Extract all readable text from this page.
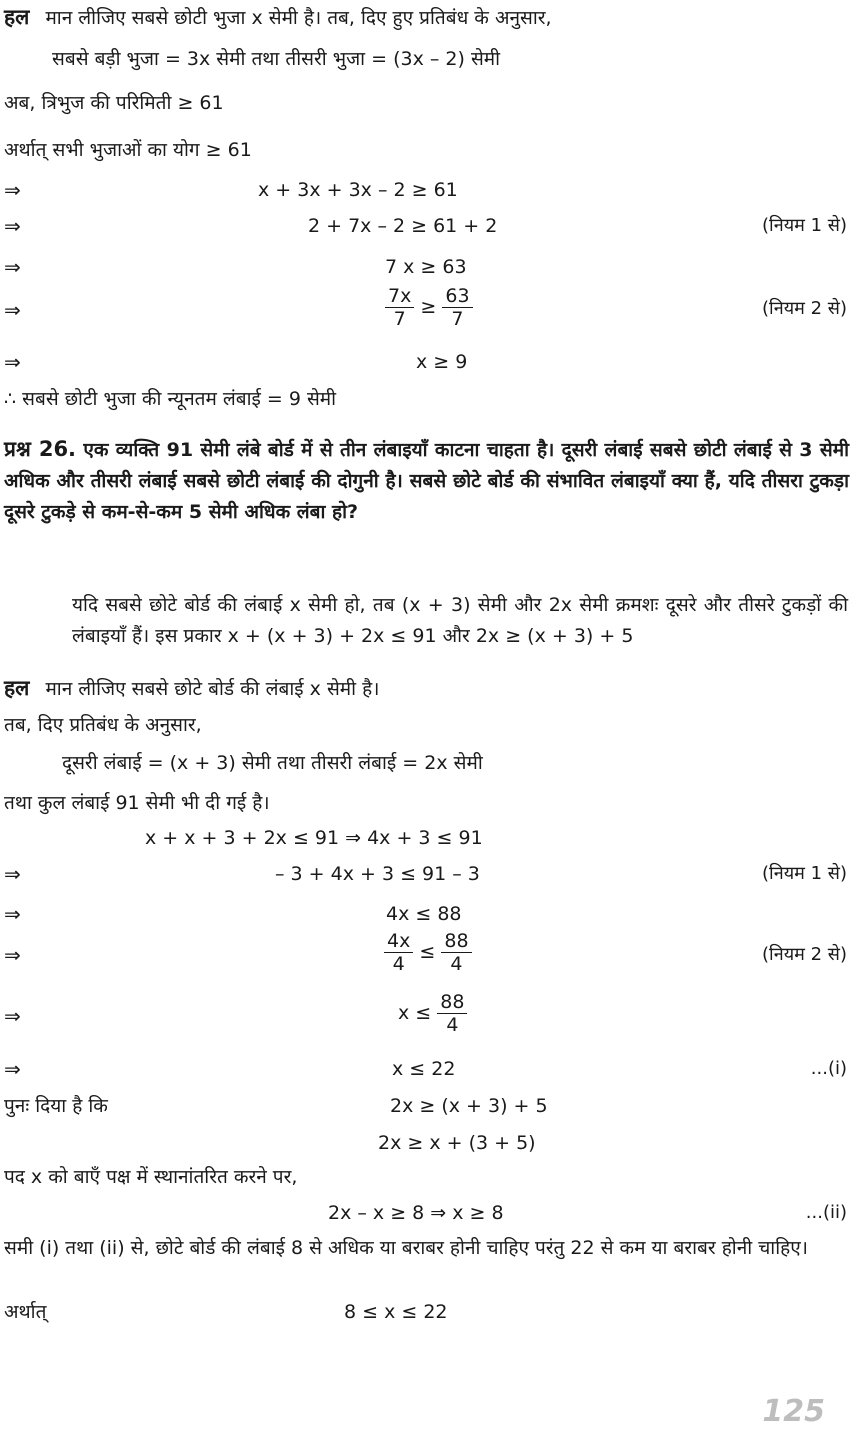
हल मान लीजिए सबसे छोटी भुजा x सेमी है। तब, दिए हुए प्रतिबंध के अनुसार,
सबसे बड़ी भुजा = 3x सेमी तथा तीसरी भुजा = (3x – 2) सेमी
अब, त्रिभुज की परिमिती ≥ 61
अर्थात् सभी भुजाओं का योग ≥ 61
⇒	x + 3x + 3x – 2 ≥ 61
⇒	2 + 7x – 2 ≥ 61 + 2	(नियम 1 से)
⇒	7 x ≥ 63
⇒	$\frac{7x}{7} \ge \frac{63}{7}$	(नियम 2 से)
⇒	x ≥ 9
∴ सबसे छोटी भुजा की न्यूनतम लंबाई = 9 सेमी
प्रश्न 26. एक व्यक्ति 91 सेमी लंबे बोर्ड में से तीन लंबाइयाँ काटना चाहता है। दूसरी लंबाई सबसे छोटी लंबाई से 3 सेमी अधिक और तीसरी लंबाई सबसे छोटी लंबाई की दोगुनी है। सबसे छोटे बोर्ड की संभावित लंबाइयाँ क्या हैं, यदि तीसरा टुकड़ा दूसरे टुकड़े से कम-से-कम 5 सेमी अधिक लंबा हो?
यदि सबसे छोटे बोर्ड की लंबाई x सेमी हो, तब (x + 3) सेमी और 2x सेमी क्रमशः दूसरे और तीसरे टुकड़ों की लंबाइयाँ हैं। इस प्रकार x + (x + 3) + 2x ≤ 91 और 2x ≥ (x + 3) + 5
हल मान लीजिए सबसे छोटे बोर्ड की लंबाई x सेमी है।
तब, दिए प्रतिबंध के अनुसार,
दूसरी लंबाई = (x + 3) सेमी तथा तीसरी लंबाई = 2x सेमी
तथा कुल लंबाई 91 सेमी भी दी गई है।
x + x + 3 + 2x ≤ 91 ⇒ 4x + 3 ≤ 91
⇒	– 3 + 4x + 3 ≤ 91 – 3	(नियम 1 से)
⇒	4x ≤ 88
⇒	$\frac{4x}{4} \le \frac{88}{4}$	(नियम 2 से)
⇒	$x \le \frac{88}{4}$
⇒	x ≤ 22	...(i)
पुनः दिया है कि	2x ≥ (x + 3) + 5
2x ≥ x + (3 + 5)
पद x को बाएँ पक्ष में स्थानांतरित करने पर,
2x – x ≥ 8 ⇒ x ≥ 8	...(ii)
समी (i) तथा (ii) से, छोटे बोर्ड की लंबाई 8 से अधिक या बराबर होनी चाहिए परंतु 22 से कम या बराबर होनी चाहिए।
अर्थात्	8 ≤ x ≤ 22
125
